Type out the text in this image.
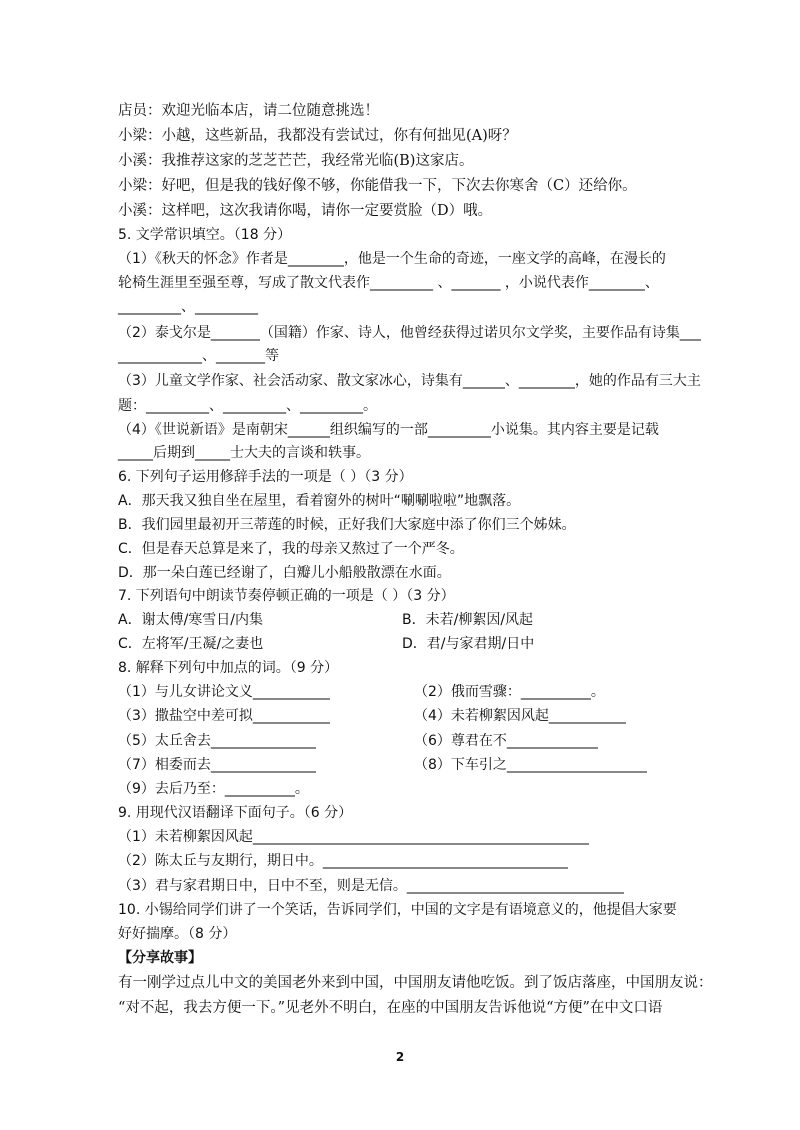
店员：欢迎光临本店，请二位随意挑选！
小梁：小越，这些新品，我都没有尝试过，你有何拙见(A)呀？
小溪：我推荐这家的芝芝芒芒，我经常光临(B)这家店。
小梁：好吧，但是我的钱好像不够，你能借我一下，下次去你寒舍（C）还给你。
小溪：这样吧，这次我请你喝，请你一定要赏脸（D）哦。
5. 文学常识填空。（18 分）
（1）《秋天的怀念》作者是________，他是一个生命的奇迹，一座文学的高峰，在漫长的
轮椅生涯里至强至尊，写成了散文代表作_________ 、_______ ，小说代表作________、
_________、_________
（2）泰戈尔是_______（国籍）作家、诗人，他曾经获得过诺贝尔文学奖，主要作品有诗集___
____________、_______等
（3）儿童文学作家、社会活动家、散文家冰心，诗集有______、________，她的作品有三大主
题：_________、_________、_________。
（4）《世说新语》是南朝宋______组织编写的一部_________小说集。其内容主要是记载
_____后期到_____士大夫的言谈和轶事。
6. 下列句子运用修辞手法的一项是（ ）（3 分）
A．那天我又独自坐在屋里，看着窗外的树叶“唰唰啦啦”地飘落。
B．我们园里最初开三蒂莲的时候，正好我们大家庭中添了你们三个姊妹。
C．但是春天总算是来了，我的母亲又熬过了一个严冬。
D．那一朵白莲已经谢了，白瓣儿小船般散漂在水面。
7. 下列语句中朗读节奏停顿正确的一项是（ ）（3 分）
A．谢太傅/寒雪日/内集	B．未若/柳絮因/风起
C．左将军/王凝/之妻也	D．君/与家君期/日中
8. 解释下列句中加点的词。（9 分）
（1）与儿女讲论文义___________	（2）俄而雪骤：__________。
（3）撒盐空中差可拟___________	（4）未若柳絮因风起___________
（5）太丘舍去_______________	（6）尊君在不_____________
（7）相委而去_______________	（8）下车引之____________________
（9）去后乃至：__________。
9. 用现代汉语翻译下面句子。（6 分）
（1）未若柳絮因风起________________________________________________
（2）陈太丘与友期行，期日中。___________________________________
（3）君与家君期日中，日中不至，则是无信。_______________________________
10. 小锡给同学们讲了一个笑话，告诉同学们，中国的文字是有语境意义的，他提倡大家要
好好揣摩。（8 分）
【分享故事】
有一刚学过点儿中文的美国老外来到中国，中国朋友请他吃饭。到了饭店落座，中国朋友说：
“对不起，我去方便一下。”见老外不明白，在座的中国朋友告诉他说“方便”在中文口语
2
